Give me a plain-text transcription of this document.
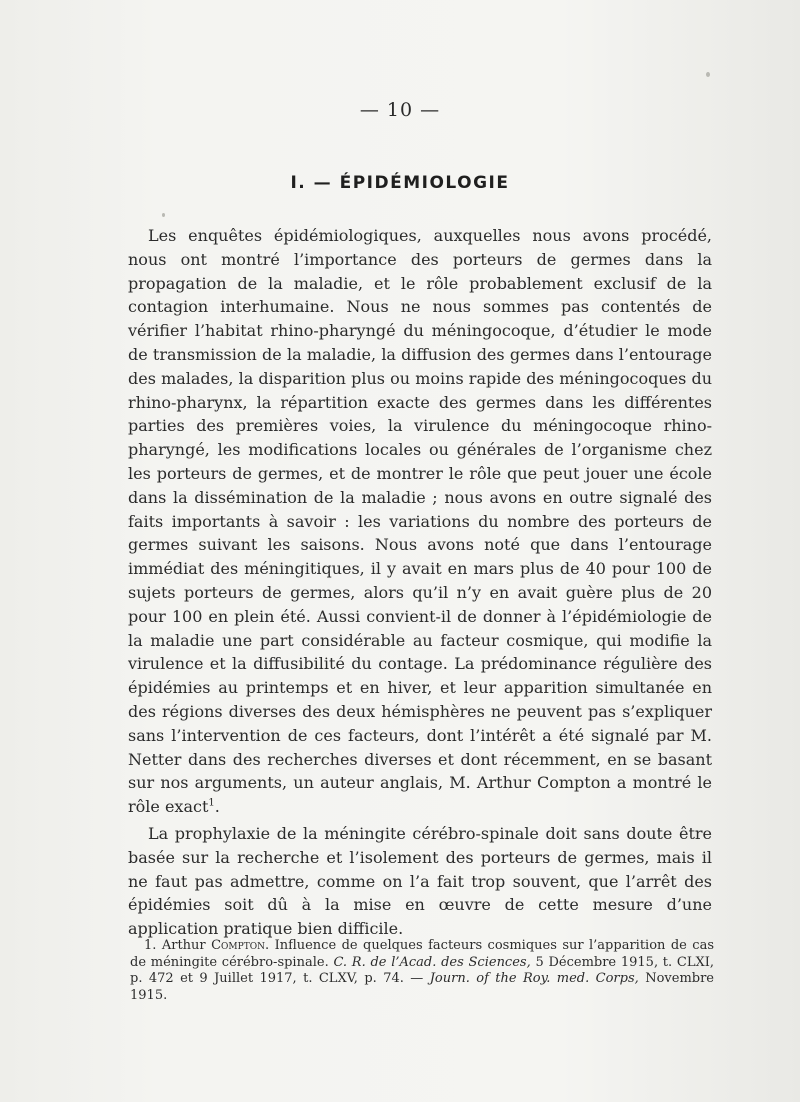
— 10 —
I. — ÉPIDÉMIOLOGIE

Les enquêtes épidémiologiques, auxquelles nous avons procédé, nous ont montré l’importance des porteurs de germes dans la propagation de la maladie, et le rôle probablement exclusif de la contagion interhumaine. Nous ne nous sommes pas contentés de vérifier l’habitat rhino-pharyngé du méningocoque, d’étudier le mode de transmission de la maladie, la diffusion des germes dans l’entourage des malades, la disparition plus ou moins rapide des méningocoques du rhino-pharynx, la répartition exacte des germes dans les différentes parties des premières voies, la virulence du méningocoque rhino-pharyngé, les modifications locales ou générales de l’organisme chez les porteurs de germes, et de montrer le rôle que peut jouer une école dans la dissémination de la maladie ; nous avons en outre signalé des faits importants à savoir : les variations du nombre des porteurs de germes suivant les saisons. Nous avons noté que dans l’entourage immédiat des méningitiques, il y avait en mars plus de 40 pour 100 de sujets porteurs de germes, alors qu’il n’y en avait guère plus de 20 pour 100 en plein été. Aussi convient-il de donner à l’épidémiologie de la maladie une part considérable au facteur cosmique, qui modifie la virulence et la diffusibilité du contage. La prédominance régulière des épidémies au printemps et en hiver, et leur apparition simultanée en des régions diverses des deux hémisphères ne peuvent pas s’expliquer sans l’intervention de ces facteurs, dont l’intérêt a été signalé par M. Netter dans des recherches diverses et dont récemment, en se basant sur nos arguments, un auteur anglais, M. Arthur Compton a montré le rôle exact$^1$.

La prophylaxie de la méningite cérébro-spinale doit sans doute être basée sur la recherche et l’isolement des porteurs de germes, mais il ne faut pas admettre, comme on l’a fait trop souvent, que l’arrêt des épidémies soit dû à la mise en œuvre de cette mesure d’une application pratique bien difficile.

1. Arthur Compton. Influence de quelques facteurs cosmiques sur l’apparition de cas de méningite cérébro-spinale. C. R. de l’Acad. des Sciences, 5 Décembre 1915, t. CLXI, p. 472 et 9 Juillet 1917, t. CLXV, p. 74. — Journ. of the Roy. med. Corps, Novembre 1915.
